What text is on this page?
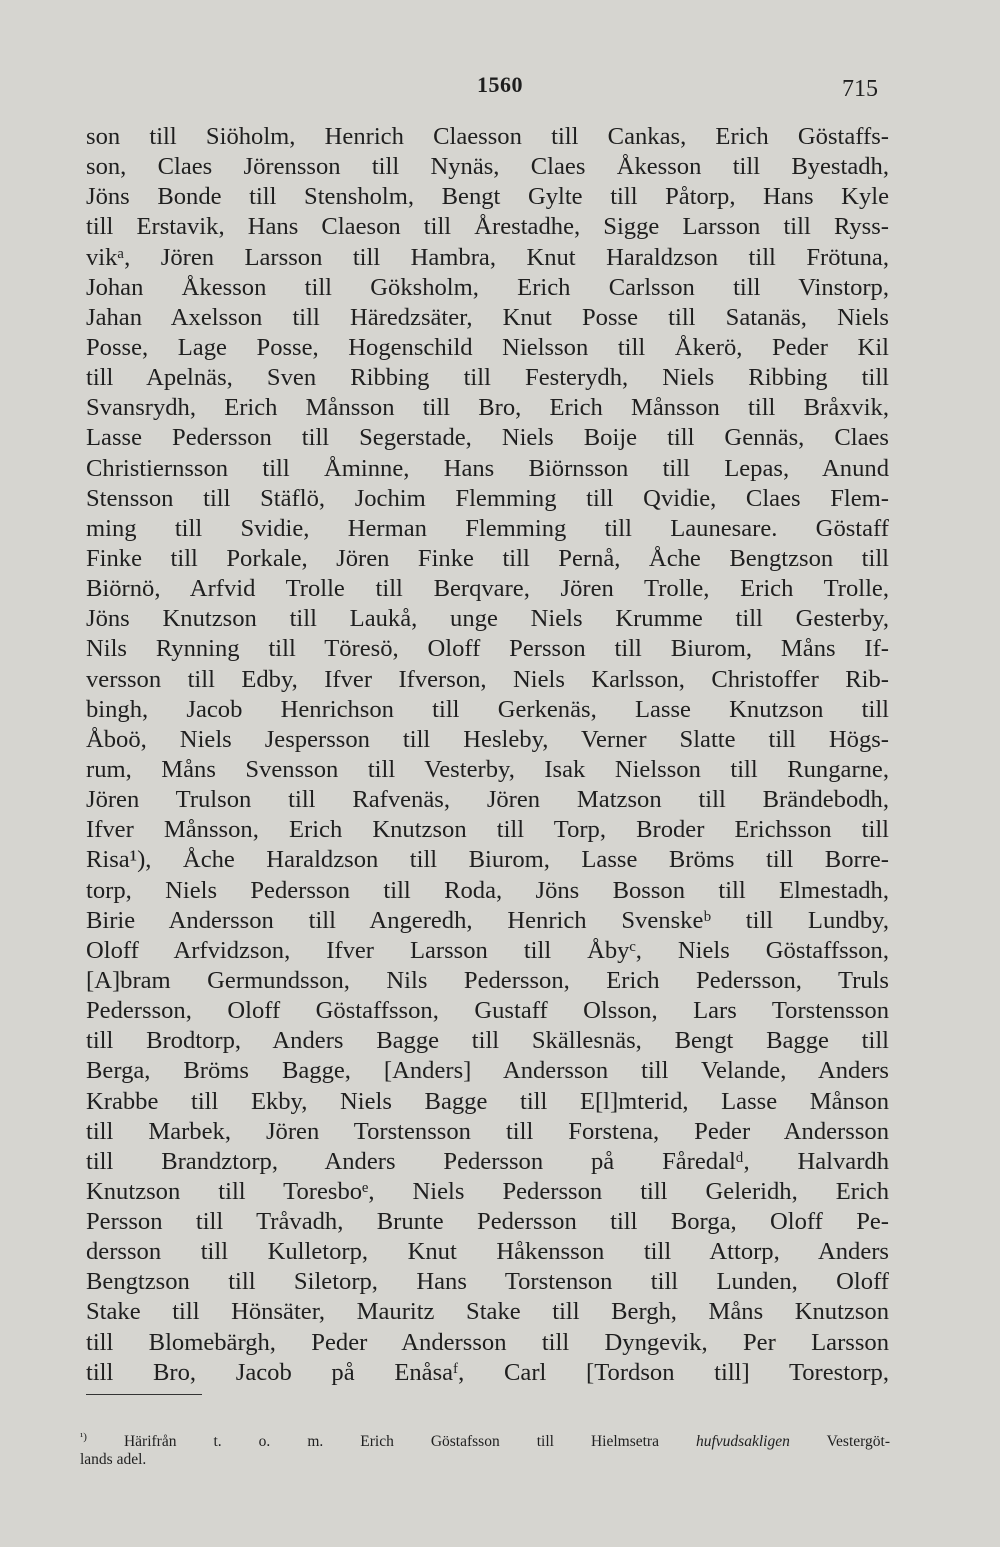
1560	715
son till Siöholm, Henrich Claesson till Cankas, Erich Göstaffs-
son, Claes Jörensson till Nynäs, Claes Åkesson till Byestadh,
Jöns Bonde till Stensholm, Bengt Gylte till Påtorp, Hans Kyle
till Erstavik, Hans Claeson till Årestadhe, Sigge Larsson till Ryss-
vikᵃ, Jören Larsson till Hambra, Knut Haraldzson till Frötuna,
Johan Åkesson till Göksholm, Erich Carlsson till Vinstorp,
Jahan Axelsson till Häredzsäter, Knut Posse till Satanäs, Niels
Posse, Lage Posse, Hogenschild Nielsson till Åkerö, Peder Kil
till Apelnäs, Sven Ribbing till Festerydh, Niels Ribbing till
Svansrydh, Erich Månsson till Bro, Erich Månsson till Bråxvik,
Lasse Pedersson till Segerstade, Niels Boije till Gennäs, Claes
Christiernsson till Åminne, Hans Biörnsson till Lepas, Anund
Stensson till Stäflö, Jochim Flemming till Qvidie, Claes Flem-
ming till Svidie, Herman Flemming till Launesare. Göstaff
Finke till Porkale, Jören Finke till Pernå, Åche Bengtzson till
Biörnö, Arfvid Trolle till Berqvare, Jören Trolle, Erich Trolle,
Jöns Knutzson till Laukå, unge Niels Krumme till Gesterby,
Nils Rynning till Töresö, Oloff Persson till Biurom, Måns If-
versson till Edby, Ifver Ifverson, Niels Karlsson, Christoffer Rib-
bingh, Jacob Henrichson till Gerkenäs, Lasse Knutzson till
Åboö, Niels Jespersson till Hesleby, Verner Slatte till Högs-
rum, Måns Svensson till Vesterby, Isak Nielsson till Rungarne,
Jören Trulson till Rafvenäs, Jören Matzson till Brändebodh,
Ifver Månsson, Erich Knutzson till Torp, Broder Erichsson till
Risa¹), Åche Haraldzson till Biurom, Lasse Bröms till Borre-
torp, Niels Pedersson till Roda, Jöns Bosson till Elmestadh,
Birie Andersson till Angeredh, Henrich Svenskeᵇ till Lundby,
Oloff Arfvidzson, Ifver Larsson till Åbyᶜ, Niels Göstaffsson,
[A]bram Germundsson, Nils Pedersson, Erich Pedersson, Truls
Pedersson, Oloff Göstaffsson, Gustaff Olsson, Lars Torstensson
till Brodtorp, Anders Bagge till Skällesnäs, Bengt Bagge till
Berga, Bröms Bagge, [Anders] Andersson till Velande, Anders
Krabbe till Ekby, Niels Bagge till E[l]mterid, Lasse Månson
till Marbek, Jören Torstensson till Forstena, Peder Andersson
till Brandztorp, Anders Pedersson på Fåredalᵈ, Halvardh
Knutzson till Toresboᵉ, Niels Pedersson till Geleridh, Erich
Persson till Tråvadh, Brunte Pedersson till Borga, Oloff Pe-
dersson till Kulletorp, Knut Håkensson till Attorp, Anders
Bengtzson till Siletorp, Hans Torstenson till Lunden, Oloff
Stake till Hönsäter, Mauritz Stake till Bergh, Måns Knutzson
till Blomebärgh, Peder Andersson till Dyngevik, Per Larsson
till Bro, Jacob på Enåsaᶠ, Carl [Tordson till] Torestorp,
$^{^1)}$ Härifrån t. o. m. Erich Göstafsson till Hielmsetra hufvudsakligen Vestergöt-
lands adel.
